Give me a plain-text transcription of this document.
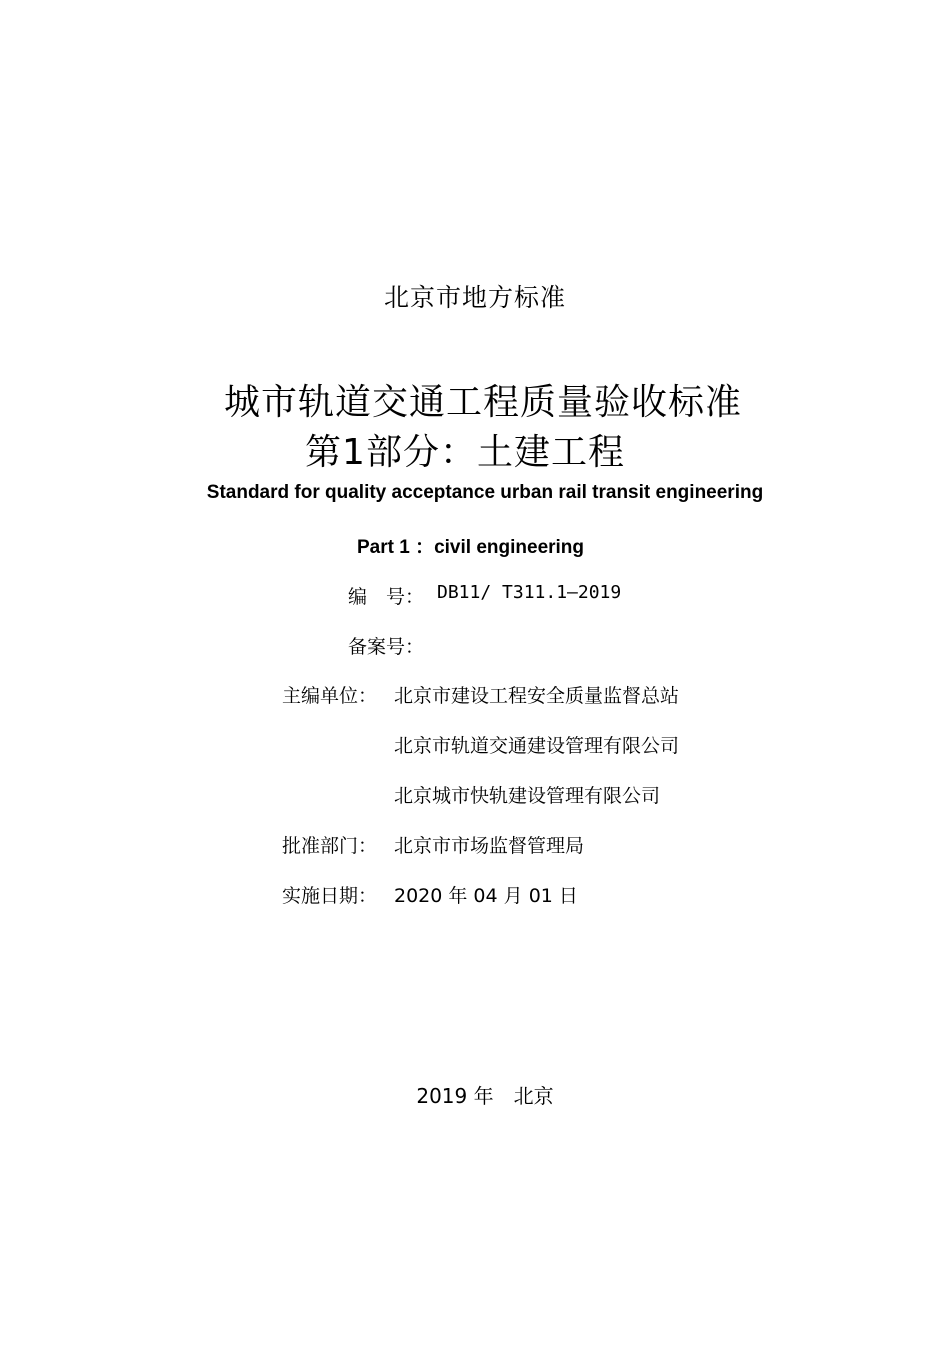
北京市地方标准
城市轨道交通工程质量验收标准
第1部分：土建工程
Standard for quality acceptance urban rail transit engineering
Part 1 ：civil engineering
编　号： DB11/ T311.1—2019
备案号：
主编单位： 北京市建设工程安全质量监督总站
北京市轨道交通建设管理有限公司
北京城市快轨建设管理有限公司
批准部门： 北京市市场监督管理局
实施日期： 2020 年 04 月 01 日
2019 年　北京
